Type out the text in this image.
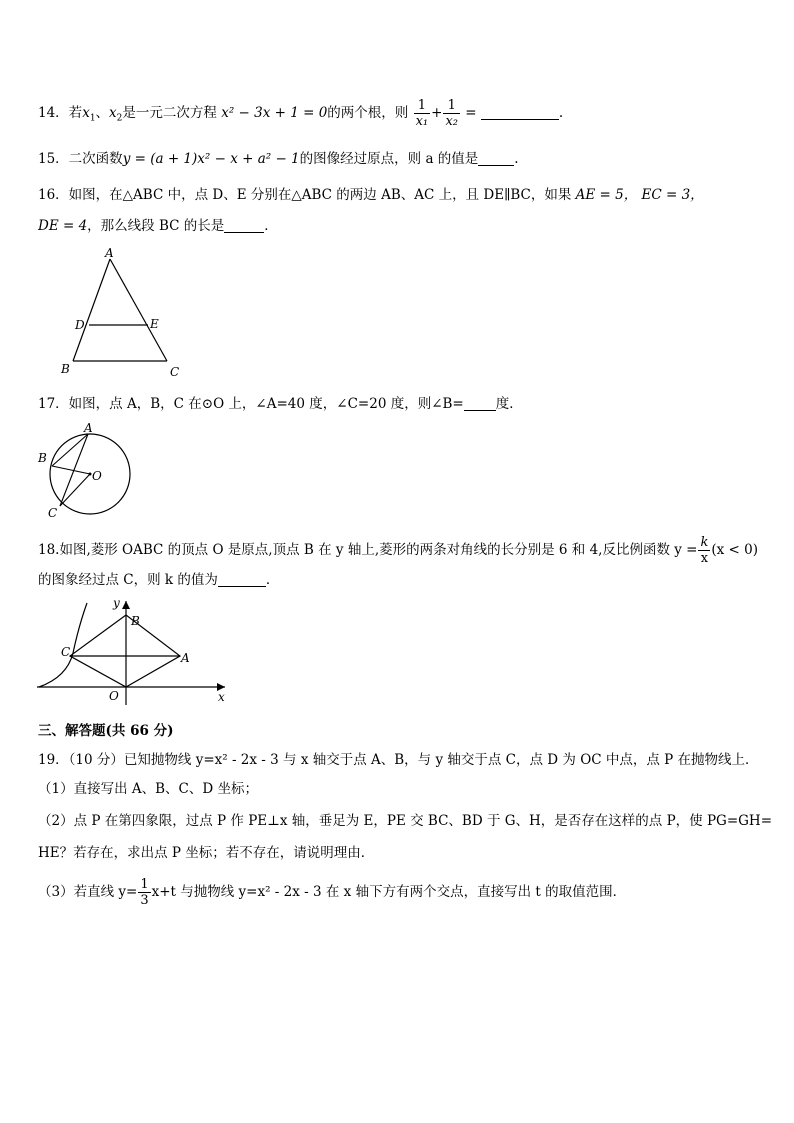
14．若$x_1$、$x_2$是一元二次方程 x² − 3x + 1 = 0的两个根，则 $\frac{1}{\text{x₁}} + \frac{1}{\text{x₂}}$ =	.
15．二次函数y = (a + 1)x² − x + a² − 1的图像经过原点，则 a 的值是	.
16．如图，在△ABC 中，点 D、E 分别在△ABC 的两边 AB、AC 上，且 DE∥BC，如果 AE = 5， EC = 3，
DE = 4，那么线段 BC 的长是	．
A
D	E
B	C
17．如图，点 A，B，C 在⊙O 上，∠A=40 度，∠C=20 度，则∠B= 度．
A
B
O
C
18.如图,菱形 OABC 的顶点 O 是原点,顶点 B 在 y 轴上,菱形的两条对角线的长分别是 6 和 4,反比例函数 $y = \frac{k}{x} (x < 0)$
的图象经过点 C，则 k 的值为	．
y
x
B
C	A
O
三、解答题(共 66 分)
19．（10 分）已知抛物线 y=x² - 2x - 3 与 x 轴交于点 A、B，与 y 轴交于点 C，点 D 为 OC 中点，点 P 在抛物线上．
（1）直接写出 A、B、C、D 坐标；
（2）点 P 在第四象限，过点 P 作 PE⊥x 轴，垂足为 E，PE 交 BC、BD 于 G、H，是否存在这样的点 P，使 PG=GH=
HE？若存在，求出点 P 坐标；若不存在，请说明理由．
（3）若直线 $y= \frac{1}{3} x+t$ 与抛物线 y=x² - 2x - 3 在 x 轴下方有两个交点，直接写出 t 的取值范围．
